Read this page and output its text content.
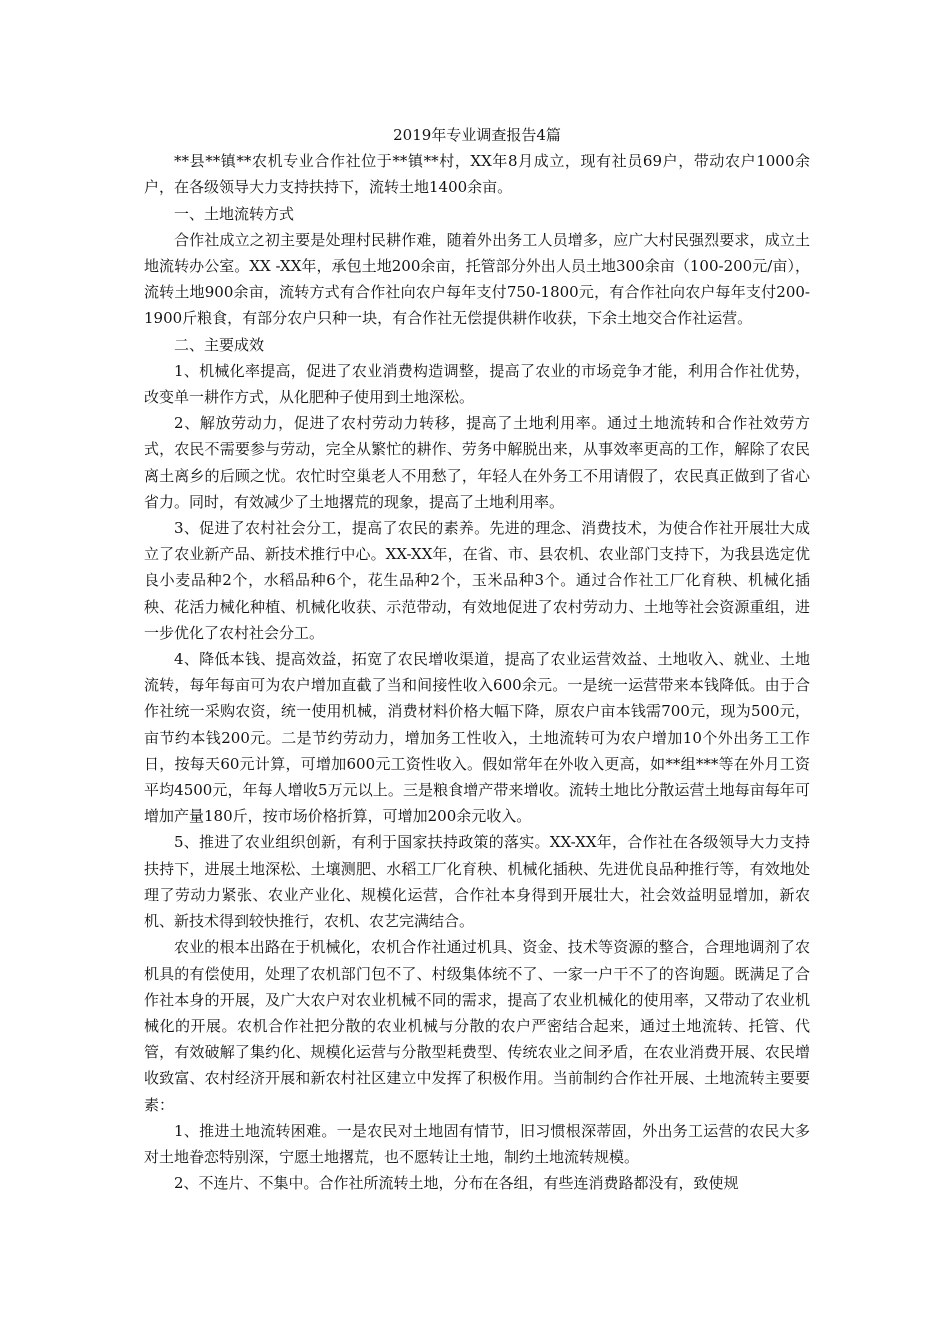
2019年专业调查报告4篇

**县**镇**农机专业合作社位于**镇**村，XX年8月成立，现有社员69户，带动农户1000余户，在各级领导大力支持扶持下，流转土地1400余亩。

一、土地流转方式

合作社成立之初主要是处理村民耕作难，随着外出务工人员增多，应广大村民强烈要求，成立土地流转办公室。XX -XX年，承包土地200余亩，托管部分外出人员土地300余亩（100-200元/亩），流转土地900余亩，流转方式有合作社向农户每年支付750-1800元，有合作社向农户每年支付200-1900斤粮食，有部分农户只种一块，有合作社无偿提供耕作收获，下余土地交合作社运营。

二、主要成效

1、机械化率提高，促进了农业消费构造调整，提高了农业的市场竞争才能，利用合作社优势，改变单一耕作方式，从化肥种子使用到土地深松。

2、解放劳动力，促进了农村劳动力转移，提高了土地利用率。通过土地流转和合作社效劳方式，农民不需要参与劳动，完全从繁忙的耕作、劳务中解脱出来，从事效率更高的工作，解除了农民离土离乡的后顾之忧。农忙时空巢老人不用愁了，年轻人在外务工不用请假了，农民真正做到了省心省力。同时，有效减少了土地撂荒的现象，提高了土地利用率。

3、促进了农村社会分工，提高了农民的素养。先进的理念、消费技术，为使合作社开展壮大成立了农业新产品、新技术推行中心。XX-XX年，在省、市、县农机、农业部门支持下，为我县选定优良小麦品种2个，水稻品种6个，花生品种2个，玉米品种3个。通过合作社工厂化育秧、机械化插秧、花活力械化种植、机械化收获、示范带动，有效地促进了农村劳动力、土地等社会资源重组，进一步优化了农村社会分工。

4、降低本钱、提高效益，拓宽了农民增收渠道，提高了农业运营效益、土地收入、就业、土地流转，每年每亩可为农户增加直截了当和间接性收入600余元。一是统一运营带来本钱降低。由于合作社统一采购农资，统一使用机械，消费材料价格大幅下降，原农户亩本钱需700元，现为500元，亩节约本钱200元。二是节约劳动力，增加务工性收入，土地流转可为农户增加10个外出务工工作日，按每天60元计算，可增加600元工资性收入。假如常年在外收入更高，如**组***等在外月工资平均4500元，年每人增收5万元以上。三是粮食增产带来增收。流转土地比分散运营土地每亩每年可增加产量180斤，按市场价格折算，可增加200余元收入。

5、推进了农业组织创新，有利于国家扶持政策的落实。XX-XX年，合作社在各级领导大力支持扶持下，进展土地深松、土壤测肥、水稻工厂化育秧、机械化插秧、先进优良品种推行等，有效地处理了劳动力紧张、农业产业化、规模化运营，合作社本身得到开展壮大，社会效益明显增加，新农机、新技术得到较快推行，农机、农艺完满结合。

农业的根本出路在于机械化，农机合作社通过机具、资金、技术等资源的整合，合理地调剂了农机具的有偿使用，处理了农机部门包不了、村级集体统不了、一家一户干不了的咨询题。既满足了合作社本身的开展，及广大农户对农业机械不同的需求，提高了农业机械化的使用率，又带动了农业机械化的开展。农机合作社把分散的农业机械与分散的农户严密结合起来，通过土地流转、托管、代管，有效破解了集约化、规模化运营与分散型耗费型、传统农业之间矛盾，在农业消费开展、农民增收致富、农村经济开展和新农村社区建立中发挥了积极作用。当前制约合作社开展、土地流转主要要素：

1、推进土地流转困难。一是农民对土地固有情节，旧习惯根深蒂固，外出务工运营的农民大多对土地眷恋特别深，宁愿土地撂荒，也不愿转让土地，制约土地流转规模。

2、不连片、不集中。合作社所流转土地，分布在各组，有些连消费路都没有，致使规
